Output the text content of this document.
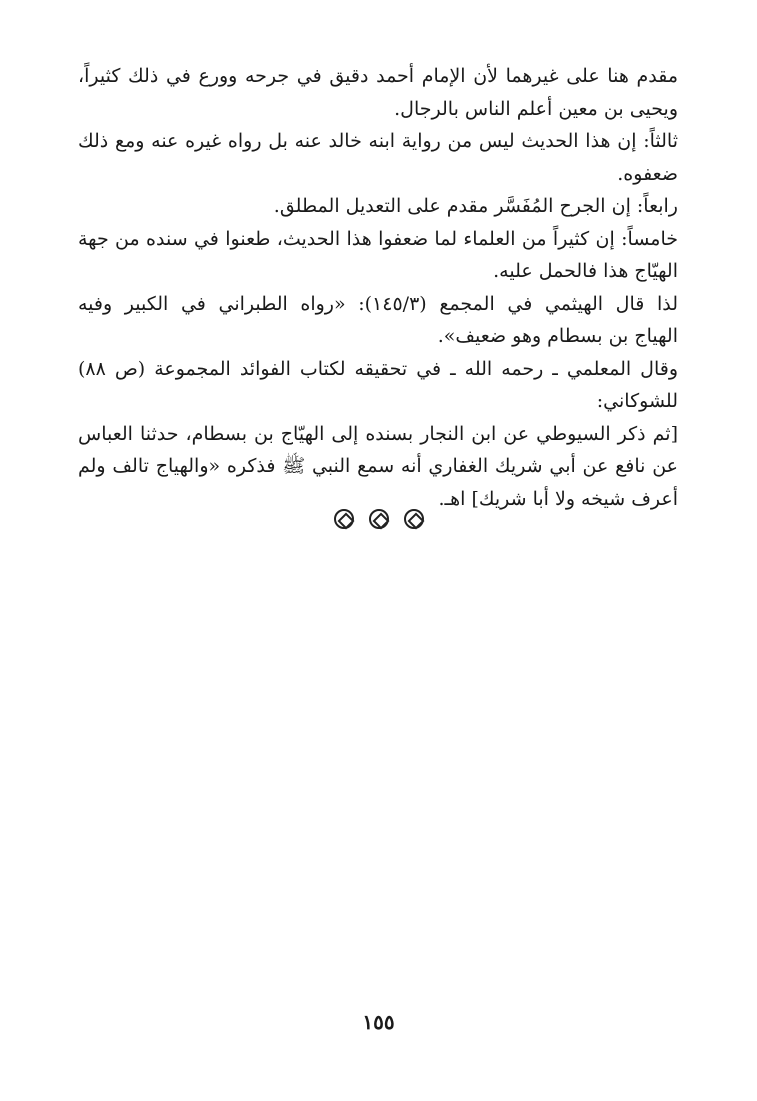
مقدم هنا على غيرهما لأن الإمام أحمد دقيق في جرحه وورع في ذلك كثيراً،
ويحيى بن معين أعلم الناس بالرجال.
ثالثاً: إن هذا الحديث ليس من رواية ابنه خالد عنه بل رواه غيره عنه ومع ذلك
ضعفوه.
رابعاً: إن الجرح المُفَسَّر مقدم على التعديل المطلق.
خامساً: إن كثيراً من العلماء لما ضعفوا هذا الحديث، طعنوا في سنده من جهة
الهيّاج هذا فالحمل عليه.
لذا قال الهيثمي في المجمع (١٤٥/٣): «رواه الطبراني في الكبير وفيه
الهياج بن بسطام وهو ضعيف».
وقال المعلمي ـ رحمه الله ـ في تحقيقه لكتاب الفوائد المجموعة (ص ٨٨)
للشوكاني:
[ثم ذكر السيوطي عن ابن النجار بسنده إلى الهيّاج بن بسطام، حدثنا العباس
عن نافع عن أبي شريك الغفاري أنه سمع النبي ﷺ فذكره «والهياج تالف ولم
أعرف شيخه ولا أبا شريك] اهـ.

١٥٥
